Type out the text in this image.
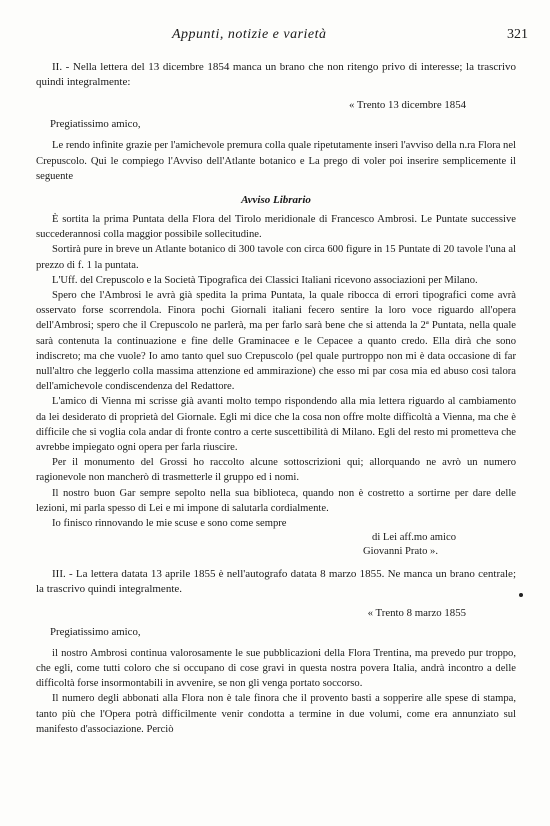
Appunti, notizie e varietà	321

II. - Nella lettera del 13 dicembre 1854 manca un brano che non ritengo privo di interesse; la trascrivo quindi integralmente:

« Trento 13 dicembre 1854
Pregiatissimo amico,

Le rendo infinite grazie per l'amichevole premura colla quale ripetutamente inserì l'avviso della n.ra Flora nel Crepuscolo. Qui le compiego l'Avviso dell'Atlante botanico e La prego di voler poi inserire semplicemente il seguente

Avviso Librario

È sortita la prima Puntata della Flora del Tirolo meridionale di Francesco Ambrosi. Le Puntate successive succederannosi colla maggior possibile sollecitudine.

Sortirà pure in breve un Atlante botanico di 300 tavole con circa 600 figure in 15 Puntate di 20 tavole l'una al prezzo di f. 1 la puntata.

L'Uff. del Crepuscolo e la Società Tipografica dei Classici Italiani ricevono associazioni per Milano.

Spero che l'Ambrosi le avrà già spedita la prima Puntata, la quale ribocca di errori tipografici come avrà osservato forse scorrendola. Finora pochi Giornali italiani fecero sentire la loro voce riguardo all'opera dell'Ambrosi; spero che il Crepuscolo ne parlerà, ma per farlo sarà bene che si attenda la 2ª Puntata, nella quale sarà contenuta la continuazione e fine delle Graminacee e le Cepacee a quanto credo. Ella dirà che sono indiscreto; ma che vuole? Io amo tanto quel suo Crepuscolo (pel quale purtroppo non mi è data occasione di far null'altro che leggerlo colla massima attenzione ed ammirazione) che esso mi par cosa mia ed abuso così talora dell'amichevole condiscendenza del Redattore.

L'amico di Vienna mi scrisse già avanti molto tempo rispondendo alla mia lettera riguardo al cambiamento da lei desiderato di proprietà del Giornale. Egli mi dice che la cosa non offre molte difficoltà a Vienna, ma che è difficile che si voglia cola andar di fronte contro a certe suscettibilità di Milano. Egli del resto mi prometteva che avrebbe impiegato ogni opera per farla riuscire.

Per il monumento del Grossi ho raccolto alcune sottoscrizioni qui; allorquando ne avrò un numero ragionevole non mancherò di trasmetterle il gruppo ed i nomi.

Il nostro buon Gar sempre sepolto nella sua biblioteca, quando non è costretto a sortirne per dare delle lezioni, mi parla spesso di Lei e mi impone di salutarla cordialmente.

Io finisco rinnovando le mie scuse e sono come sempre

di Lei aff.mo amico
Giovanni Prato ».

III. - La lettera datata 13 aprile 1855 è nell'autografo datata 8 marzo 1855. Ne manca un brano centrale; la trascrivo quindi integralmente.

« Trento 8 marzo 1855
Pregiatissimo amico,

il nostro Ambrosi continua valorosamente le sue pubblicazioni della Flora Trentina, ma prevedo pur troppo, che egli, come tutti coloro che si occupano di cose gravi in questa nostra povera Italia, andrà incontro a delle difficoltà forse insormontabili in avvenire, se non gli venga portato soccorso.

Il numero degli abbonati alla Flora non è tale finora che il provento basti a sopperire alle spese di stampa, tanto più che l'Opera potrà difficilmente venir condotta a termine in due volumi, come era annunziato sul manifesto d'associazione. Perciò
